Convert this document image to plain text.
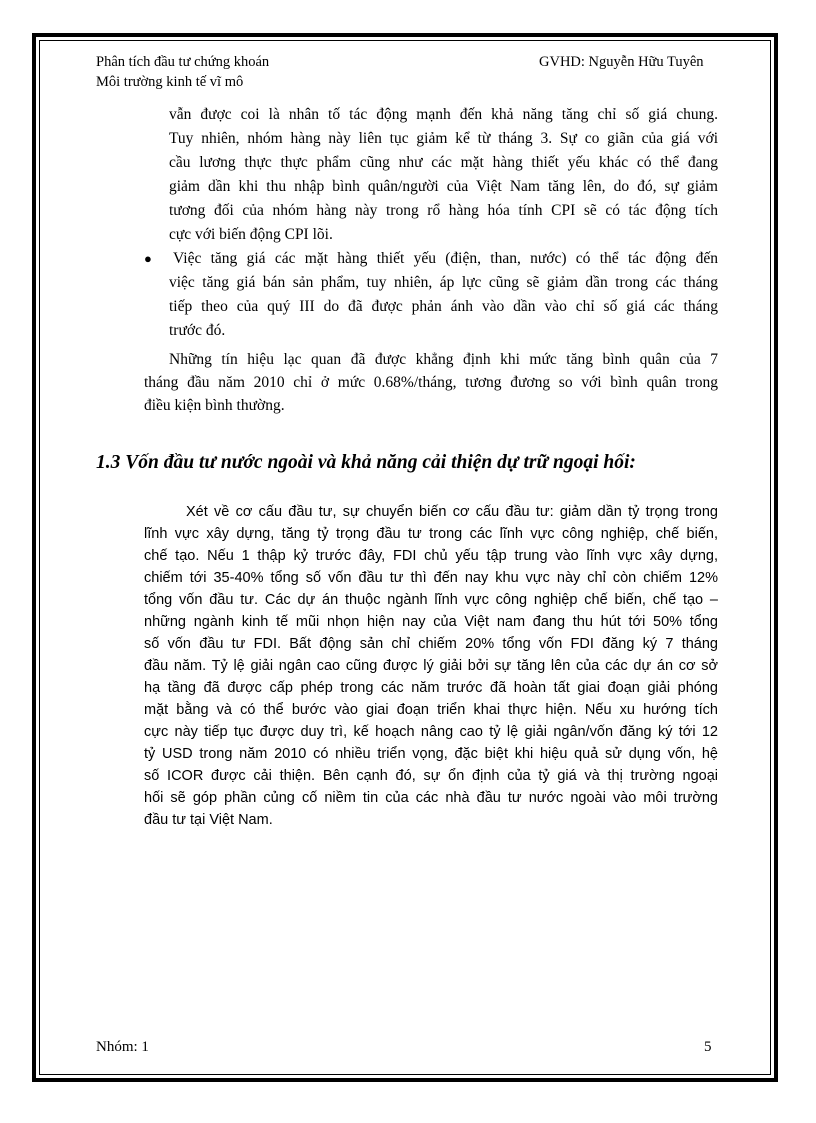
Phân tích đầu tư chứng khoán
Môi trường kinh tế vĩ mô
GVHD: Nguyễn Hữu Tuyên
vẫn được coi là nhân tố tác động mạnh đến khả năng tăng chỉ số giá chung.
Tuy nhiên, nhóm hàng này liên tục giảm kể từ tháng 3. Sự co giãn của giá với
cầu lương thực thực phẩm cũng như các mặt hàng thiết yếu khác có thể đang
giảm dần khi thu nhập bình quân/người của Việt Nam tăng lên, do đó, sự giảm
tương đối của nhóm hàng này trong rổ hàng hóa tính CPI sẽ có tác động tích
cực với biến động CPI lõi.
● Việc tăng giá các mặt hàng thiết yếu (điện, than, nước) có thể tác động đến
việc tăng giá bán sản phẩm, tuy nhiên, áp lực cũng sẽ giảm dần trong các tháng
tiếp theo của quý III do đã được phản ánh vào dần vào chỉ số giá các tháng
trước đó.
Những tín hiệu lạc quan đã được khẳng định khi mức tăng bình quân của 7
tháng đầu năm 2010 chỉ ở mức 0.68%/tháng, tương đương so với bình quân trong
điều kiện bình thường.
1.3 Vốn đầu tư nước ngoài và khả năng cải thiện dự trữ ngoại hối:
Xét về cơ cấu đầu tư, sự chuyển biến cơ cấu đầu tư: giảm dần tỷ trọng trong
lĩnh vực xây dựng, tăng tỷ trọng đầu tư trong các lĩnh vực công nghiệp, chế biến,
chế tạo. Nếu 1 thập kỷ trước đây, FDI chủ yếu tập trung vào lĩnh vực xây dựng,
chiếm tới 35-40% tổng số vốn đầu tư thì đến nay khu vực này chỉ còn chiếm 12%
tổng vốn đầu tư. Các dự án thuộc ngành lĩnh vực công nghiệp chế biến, chế tạo –
những ngành kinh tế mũi nhọn hiện nay của Việt nam đang thu hút tới 50% tổng
số vốn đầu tư FDI. Bất động sản chỉ chiếm 20% tổng vốn FDI đăng ký 7 tháng
đầu năm. Tỷ lệ giải ngân cao cũng được lý giải bởi sự tăng lên của các dự án cơ sở
hạ tầng đã được cấp phép trong các năm trước đã hoàn tất giai đoạn giải phóng
mặt bằng và có thể bước vào giai đoạn triển khai thực hiện. Nếu xu hướng tích
cực này tiếp tục được duy trì, kế hoạch nâng cao tỷ lệ giải ngân/vốn đăng ký tới 12
tỷ USD trong năm 2010 có nhiều triển vọng, đặc biệt khi hiệu quả sử dụng vốn, hệ
số ICOR được cải thiện. Bên cạnh đó, sự ổn định của tỷ giá và thị trường ngoại
hối sẽ góp phần củng cố niềm tin của các nhà đầu tư nước ngoài vào môi trường
đầu tư tại Việt Nam.
Nhóm: 1	5
